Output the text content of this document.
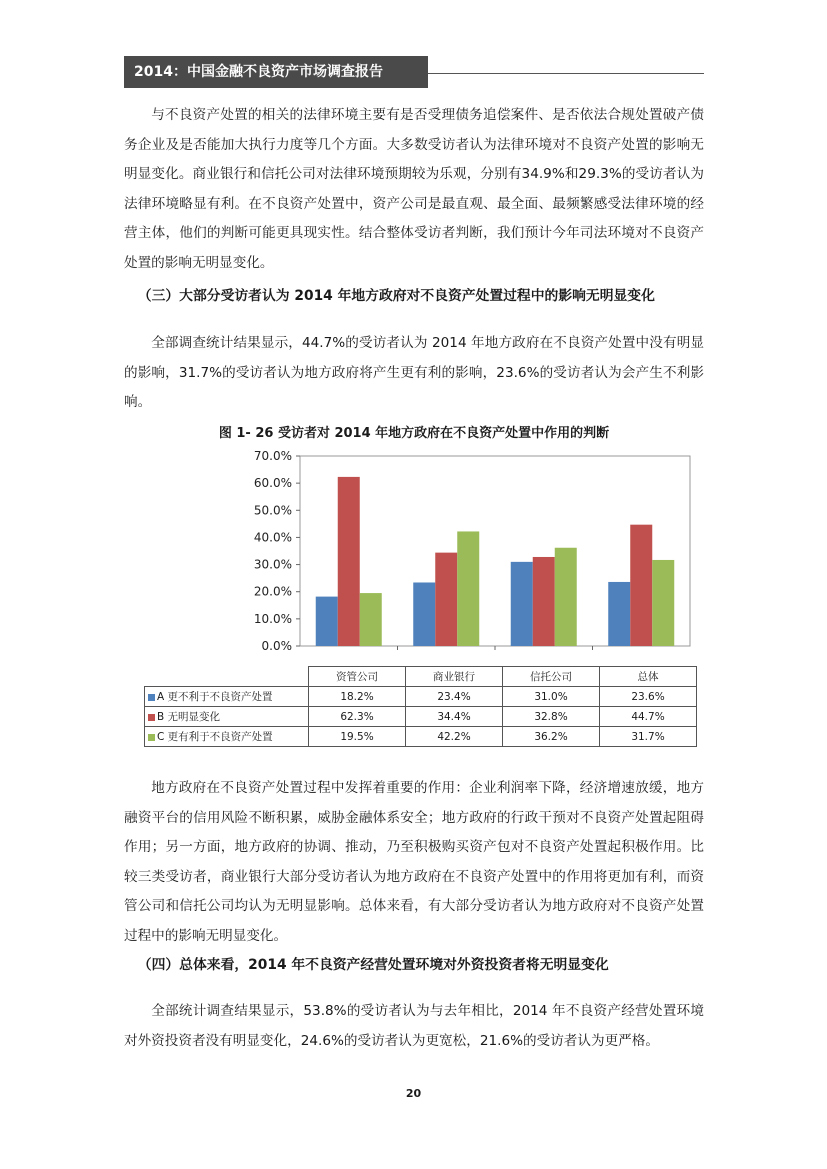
2014：中国金融不良资产市场调查报告

与不良资产处置的相关的法律环境主要有是否受理债务追偿案件、是否依法合规处置破产债务企业及是否能加大执行力度等几个方面。大多数受访者认为法律环境对不良资产处置的影响无明显变化。商业银行和信托公司对法律环境预期较为乐观，分别有34.9%和29.3%的受访者认为法律环境略显有利。在不良资产处置中，资产公司是最直观、最全面、最频繁感受法律环境的经营主体，他们的判断可能更具现实性。结合整体受访者判断，我们预计今年司法环境对不良资产处置的影响无明显变化。

（三）大部分受访者认为 2014 年地方政府对不良资产处置过程中的影响无明显变化

全部调查统计结果显示，44.7%的受访者认为 2014 年地方政府在不良资产处置中没有明显的影响，31.7%的受访者认为地方政府将产生更有利的影响，23.6%的受访者认为会产生不利影响。

图 1- 26 受访者对 2014 年地方政府在不良资产处置中作用的判断
70.0%
60.0%
50.0%
40.0%
30.0%
20.0%
10.0%
0.0%
	资管公司	商业银行	信托公司	总体
A 更不利于不良资产处置	18.2%	23.4%	31.0%	23.6%
B 无明显变化	62.3%	34.4%	32.8%	44.7%
C 更有利于不良资产处置	19.5%	42.2%	36.2%	31.7%

地方政府在不良资产处置过程中发挥着重要的作用：企业利润率下降，经济增速放缓，地方融资平台的信用风险不断积累，威胁金融体系安全；地方政府的行政干预对不良资产处置起阻碍作用；另一方面，地方政府的协调、推动，乃至积极购买资产包对不良资产处置起积极作用。比较三类受访者，商业银行大部分受访者认为地方政府在不良资产处置中的作用将更加有利，而资管公司和信托公司均认为无明显影响。总体来看，有大部分受访者认为地方政府对不良资产处置过程中的影响无明显变化。

（四）总体来看，2014 年不良资产经营处置环境对外资投资者将无明显变化

全部统计调查结果显示，53.8%的受访者认为与去年相比，2014 年不良资产经营处置环境对外资投资者没有明显变化，24.6%的受访者认为更宽松，21.6%的受访者认为更严格。

20
